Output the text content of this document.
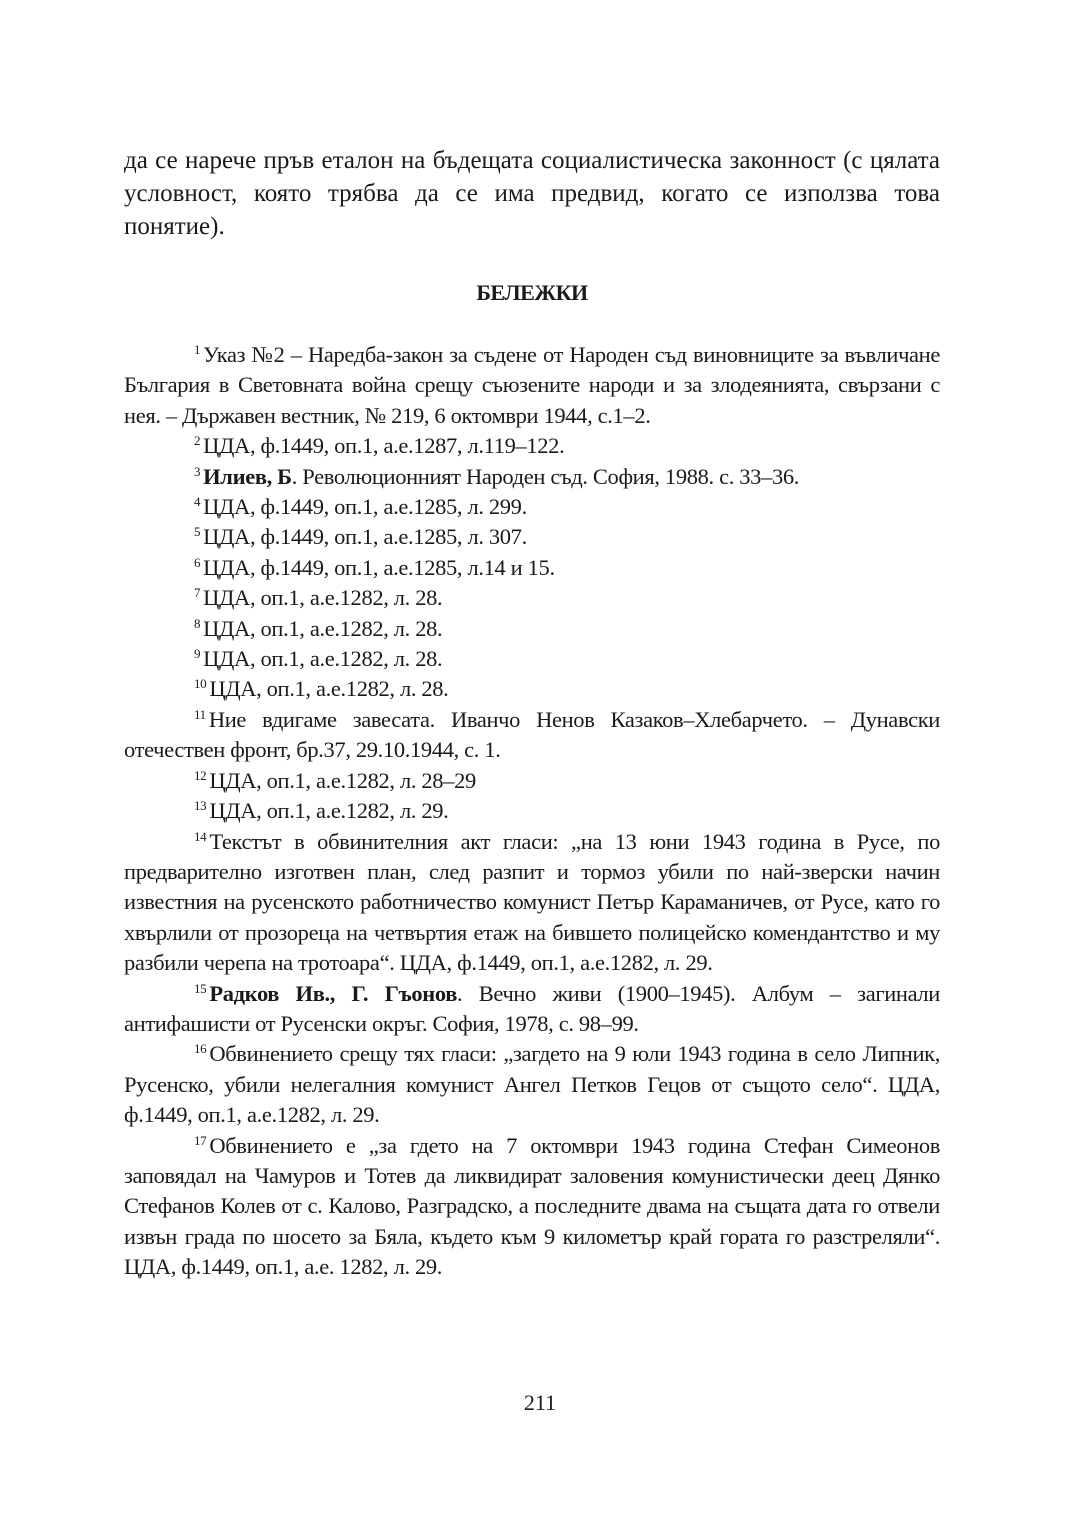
да се нарече пръв еталон на бъдещата социалистическа законност (с цялата условност, която трябва да се има предвид, когато се използва това понятие).

БЕЛЕЖКИ

$^1$ Указ №2 – Наредба-закон за съдене от Народен съд виновниците за въвличане България в Световната война срещу съюзените народи и за злодеянията, свързани с нея. – Държавен вестник, № 219, 6 октомври 1944, с.1–2.

$^2$ ЦДА, ф.1449, оп.1, а.е.1287, л.119–122.

$^3$ Илиев, Б. Революционният Народен съд. София, 1988. с. 33–36.

$^4$ ЦДА, ф.1449, оп.1, а.е.1285, л. 299.

$^5$ ЦДА, ф.1449, оп.1, а.е.1285, л. 307.

$^6$ ЦДА, ф.1449, оп.1, а.е.1285, л.14 и 15.

$^7$ ЦДА, оп.1, а.е.1282, л. 28.

$^8$ ЦДА, оп.1, а.е.1282, л. 28.

$^9$ ЦДА, оп.1, а.е.1282, л. 28.

$^{10}$ ЦДА, оп.1, а.е.1282, л. 28.

$^{11}$ Ние вдигаме завесата. Иванчо Ненов Казаков–Хлебарчето. – Дунавски отечествен фронт, бр.37, 29.10.1944, с. 1.

$^{12}$ ЦДА, оп.1, а.е.1282, л. 28–29

$^{13}$ ЦДА, оп.1, а.е.1282, л. 29.

$^{14}$ Текстът в обвинителния акт гласи: „на 13 юни 1943 година в Русе, по предварително изготвен план, след разпит и тормоз убили по най-зверски начин известния на русенското работничество комунист Петър Караманичев, от Русе, като го хвърлили от прозореца на четвъртия етаж на бившето полицейско комендантство и му разбили черепа на тротоара“. ЦДА, ф.1449, оп.1, а.е.1282, л. 29.

$^{15}$ Радков Ив., Г. Гъонов. Вечно живи (1900–1945). Албум – загинали антифашисти от Русенски окръг. София, 1978, с. 98–99.

$^{16}$ Обвинението срещу тях гласи: „загдето на 9 юли 1943 година в село Липник, Русенско, убили нелегалния комунист Ангел Петков Гецов от същото село“. ЦДА, ф.1449, оп.1, а.е.1282, л. 29.

$^{17}$ Обвинението е „за гдето на 7 октомври 1943 година Стефан Симеонов заповядал на Чамуров и Тотев да ликвидират заловения комунистически деец Дянко Стефанов Колев от с. Калово, Разградско, а последните двама на същата дата го отвели извън града по шосето за Бяла, където към 9 километър край гората го разстреляли“. ЦДА, ф.1449, оп.1, а.е. 1282, л. 29.

211
